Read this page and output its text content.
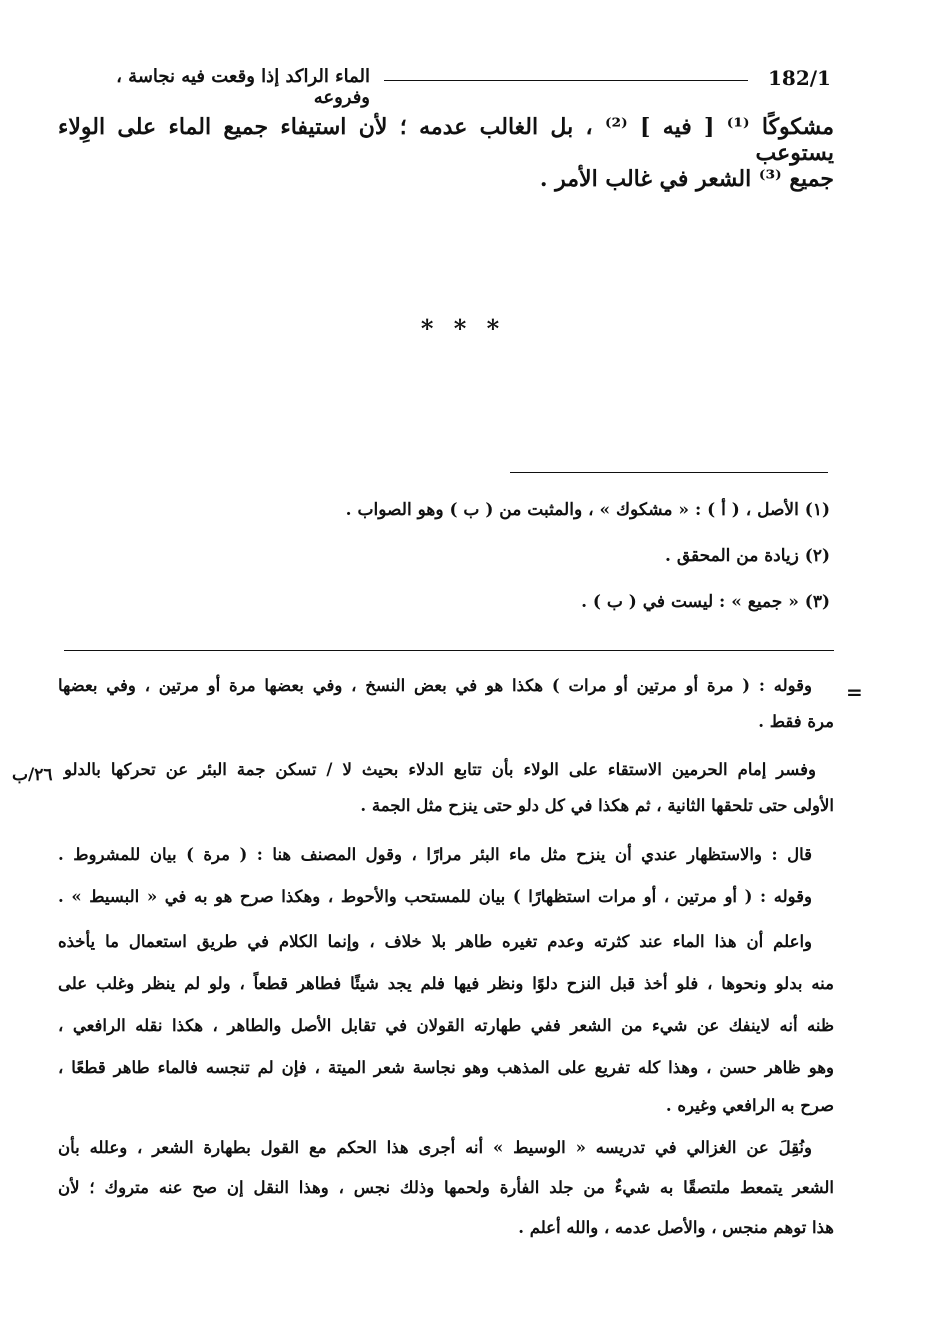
182/1
الماء الراكد إذا وقعت فيه نجاسة ، وفروعه
مشكوكًا ⁽¹⁾ [ فيه ] ⁽²⁾ ، بل الغالب عدمه ؛ لأن استيفاء جميع الماء على الوِلاء يستوعب
جميع ⁽³⁾ الشعر في غالب الأمر .
* * *
(١) الأصل ، ( أ ) : « مشكوك » ، والمثبت من ( ب ) وهو الصواب .
(٢) زيادة من المحقق .
(٣) « جميع » : ليست في ( ب ) .
=
٢٦/ب
وقوله : ( مرة أو مرتين أو مرات ) هكذا هو في بعض النسخ ، وفي بعضها مرة أو مرتين ، وفي بعضها
مرة فقط .
وفسر إمام الحرمين الاستقاء على الولاء بأن تتابع الدلاء بحيث لا / تسكن جمة البئر عن تحركها بالدلو
الأولى حتى تلحقها الثانية ، ثم هكذا في كل دلو حتى ينزح مثل الجمة .
قال : والاستظهار عندي أن ينزح مثل ماء البئر مرارًا ، وقول المصنف هنا : ( مرة ) بيان للمشروط .
وقوله : ( أو مرتين ، أو مرات استظهارًا ) بيان للمستحب والأحوط ، وهكذا صرح هو به في « البسيط » .
واعلم أن هذا الماء عند كثرته وعدم تغيره طاهر بلا خلاف ، وإنما الكلام في طريق استعمال ما يأخذه
منه بدلو ونحوها ، فلو أخذ قبل النزح دلوًا ونظر فيها فلم يجد شيئًا فطاهر قطعاً ، ولو لم ينظر وغلب على
ظنه أنه لاينفك عن شيء من الشعر ففي طهارته القولان في تقابل الأصل والطاهر ، هكذا نقله الرافعي ،
وهو ظاهر حسن ، وهذا كله تفريع على المذهب وهو نجاسة شعر الميتة ، فإن لم تنجسه فالماء طاهر قطعًا ،
صرح به الرافعي وغيره .
ونُقِلَ عن الغزالي في تدريسه « الوسيط » أنه أجرى هذا الحكم مع القول بطهارة الشعر ، وعلله بأن
الشعر يتمعط ملتصقًا به شيءٌ من جلد الفأرة ولحمها وذلك نجس ، وهذا النقل إن صح عنه متروك ؛ لأن
هذا توهم منجس ، والأصل عدمه ، والله أعلم .
